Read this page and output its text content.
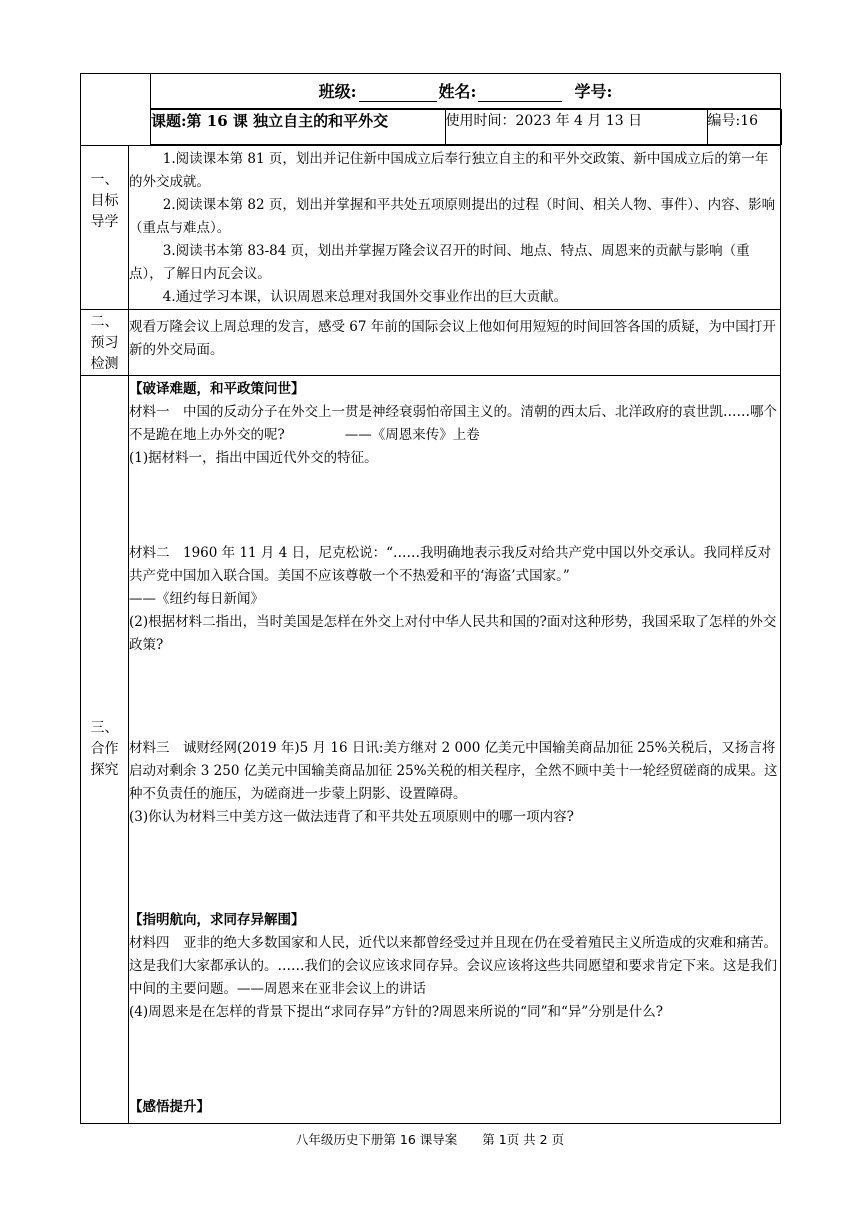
班级:	姓名:	学号:

课题:第 16 课 独立自主的和平外交	使用时间：2023 年 4 月 13 日	编号:16

一、
目标
导学	
1.阅读课本第 81 页，划出并记住新中国成立后奉行独立自主的和平外交政策、新中国成立后的第一年的外交成就。
2.阅读课本第 82 页，划出并掌握和平共处五项原则提出的过程（时间、相关人物、事件）、内容、影响（重点与难点）。
3.阅读书本第 83-84 页，划出并掌握万隆会议召开的时间、地点、特点、周恩来的贡献与影响（重点），了解日内瓦会议。
4.通过学习本课，认识周恩来总理对我国外交事业作出的巨大贡献。

二、
预习
检测	
观看万隆会议上周总理的发言，感受 67 年前的国际会议上他如何用短短的时间回答各国的质疑，为中国打开新的外交局面。

三、
合作
探究	
【破译难题，和平政策问世】
材料一　中国的反动分子在外交上一贯是神经衰弱怕帝国主义的。清朝的西太后、北洋政府的袁世凯……哪个不是跪在地上办外交的呢?	——《周恩来传》上卷
(1)据材料一，指出中国近代外交的特征。
材料二　1960 年 11 月 4 日，尼克松说：“……我明确地表示我反对给共产党中国以外交承认。我同样反对共产党中国加入联合国。美国不应该尊敬一个不热爱和平的‘海盗’式国家。”
——《纽约每日新闻》
(2)根据材料二指出，当时美国是怎样在外交上对付中华人民共和国的?面对这种形势，我国采取了怎样的外交政策?
材料三　诚财经网(2019 年)5 月 16 日讯:美方继对 2 000 亿美元中国输美商品加征 25%关税后，又扬言将启动对剩余 3 250 亿美元中国输美商品加征 25%关税的相关程序，全然不顾中美十一轮经贸磋商的成果。这种不负责任的施压，为磋商进一步蒙上阴影、设置障碍。
(3)你认为材料三中美方这一做法违背了和平共处五项原则中的哪一项内容?
【指明航向，求同存异解围】
材料四　亚非的绝大多数国家和人民，近代以来都曾经受过并且现在仍在受着殖民主义所造成的灾难和痛苦。这是我们大家都承认的。……我们的会议应该求同存异。会议应该将这些共同愿望和要求肯定下来。这是我们中间的主要问题。——周恩来在亚非会议上的讲话
(4)周恩来是在怎样的背景下提出“求同存异”方针的?周恩来所说的“同”和“异”分别是什么?
【感悟提升】
八年级历史下册第 16 课导案　　第 1页 共 2 页
